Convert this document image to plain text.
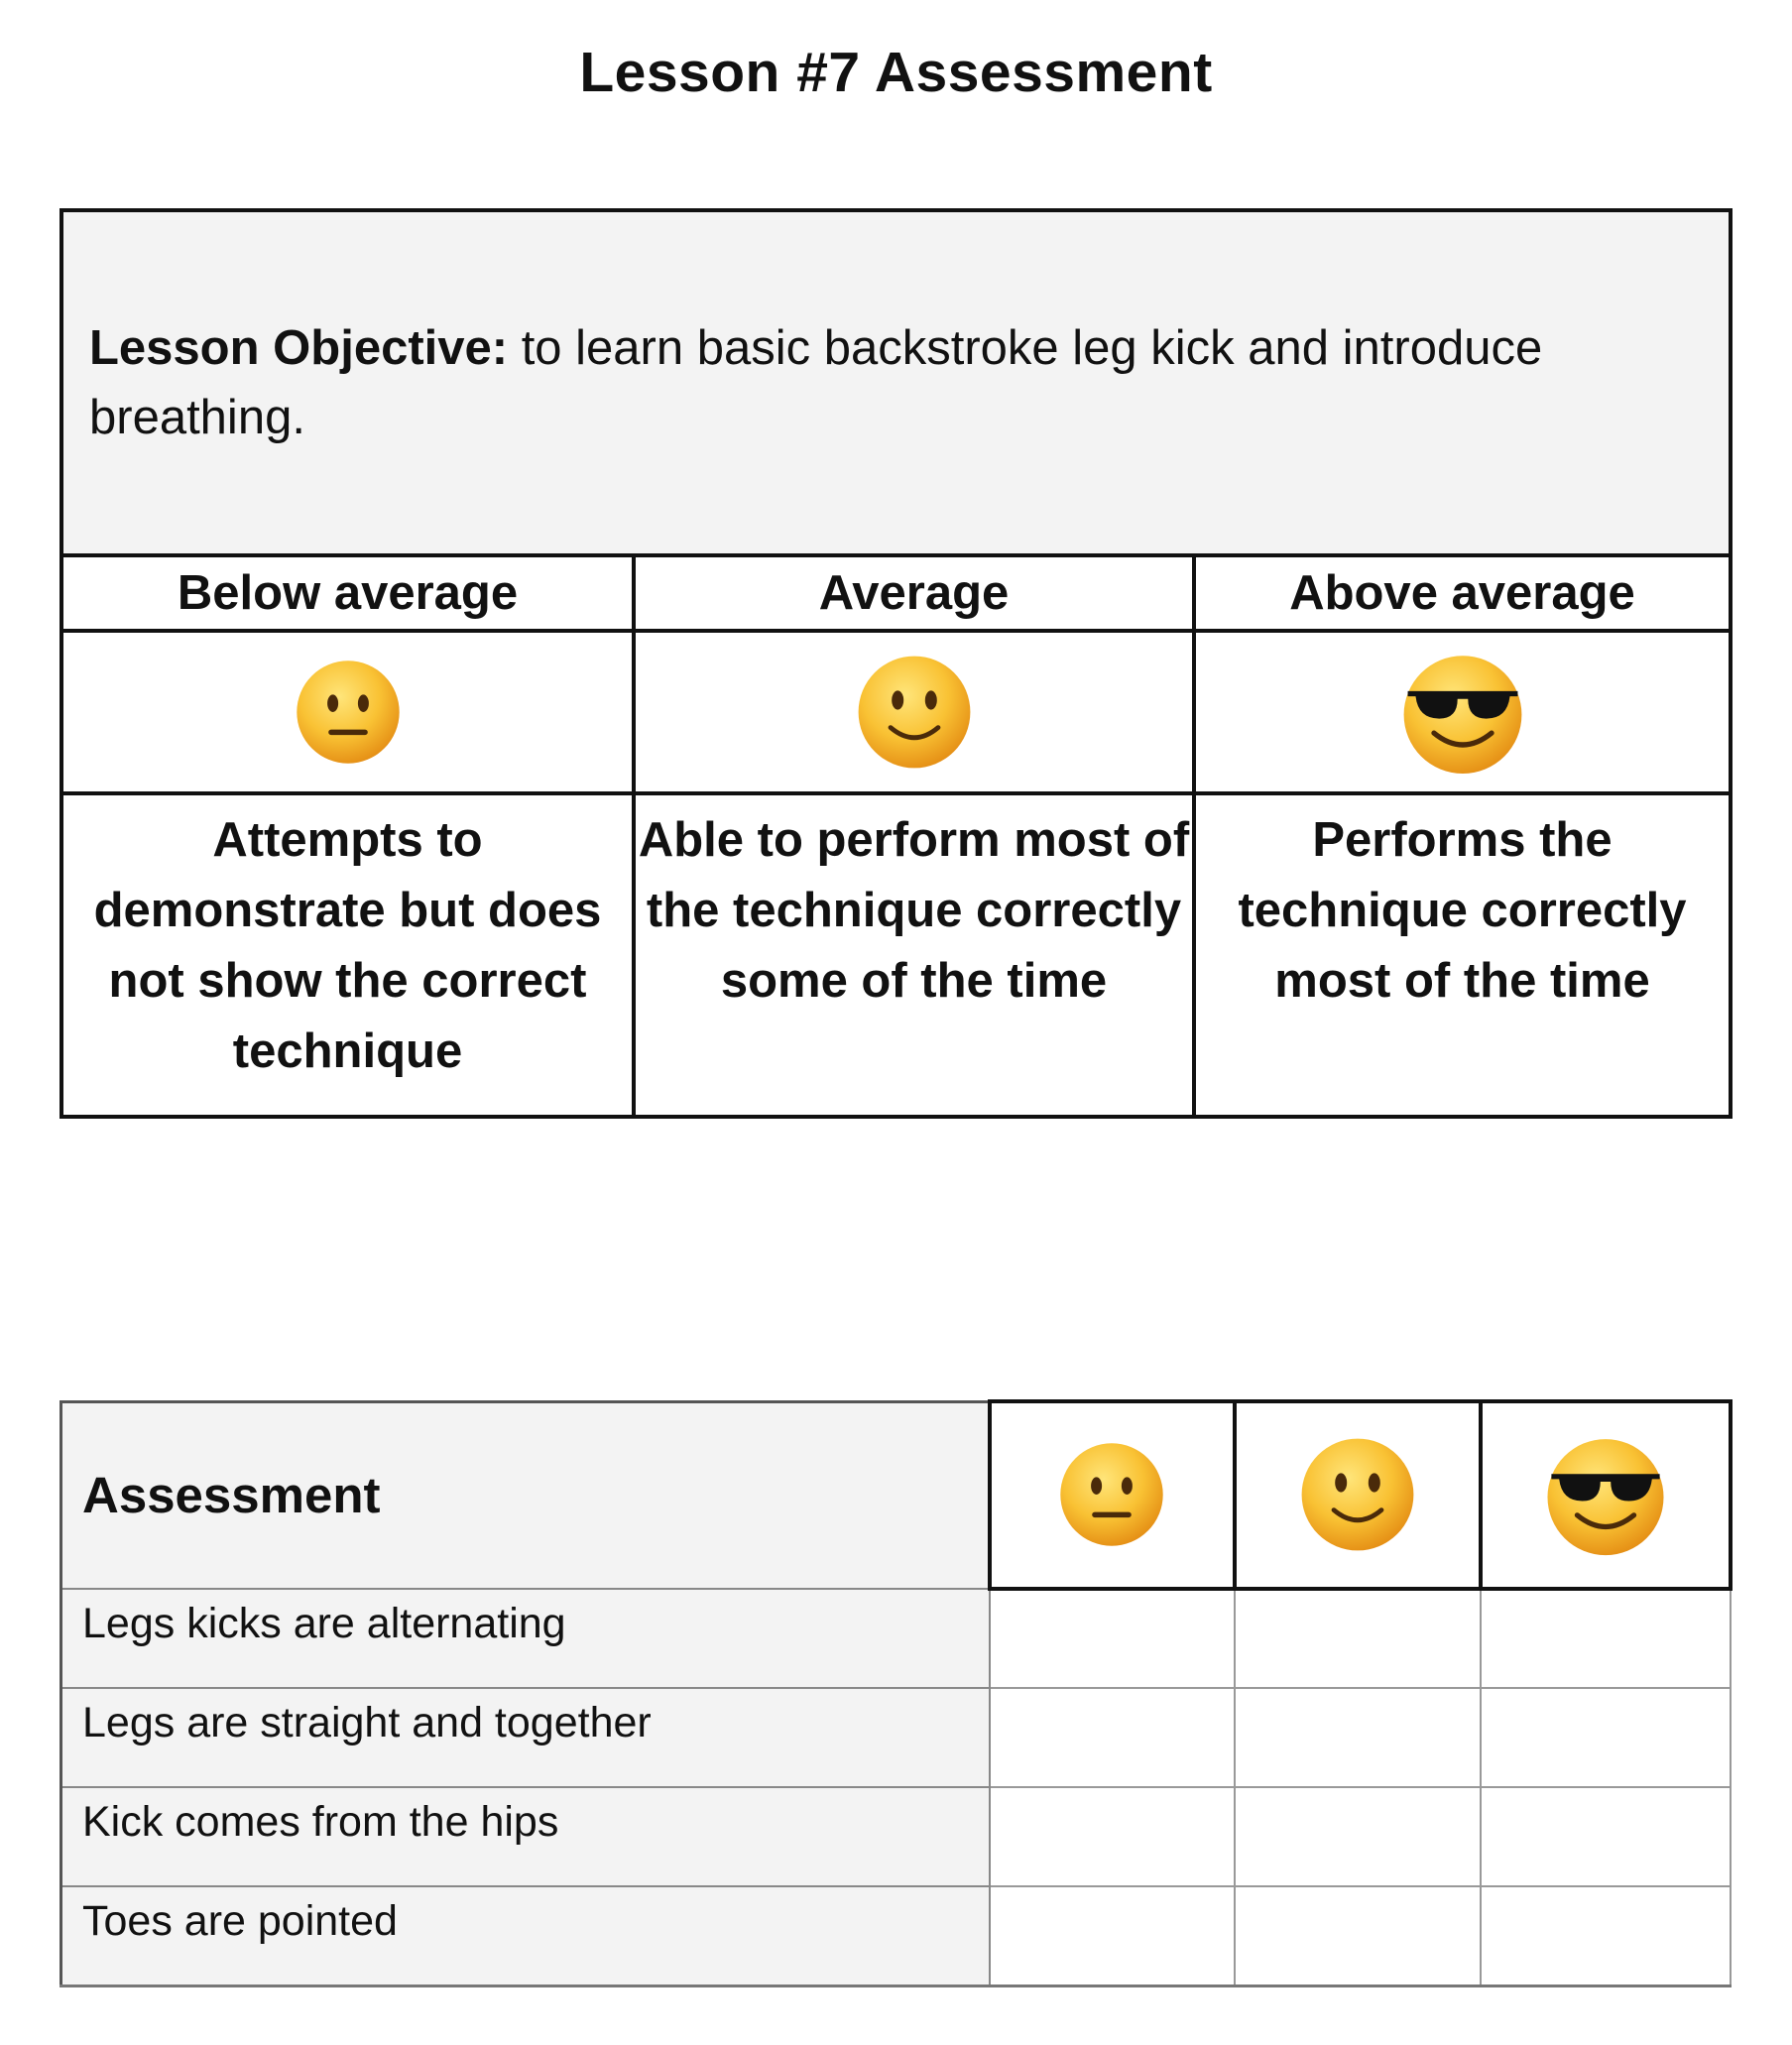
Lesson #7 Assessment
Lesson Objective: to learn basic backstroke leg kick and introduce breathing.		
Below average	Average	Above average

Attempts to demonstrate but does not show the correct technique	Able to perform most of the technique correctly some of the time	Performs the technique correctly most of the time
Assessment			
Legs kicks are alternating			
Legs are straight and together			
Kick comes from the hips			
Toes are pointed			
